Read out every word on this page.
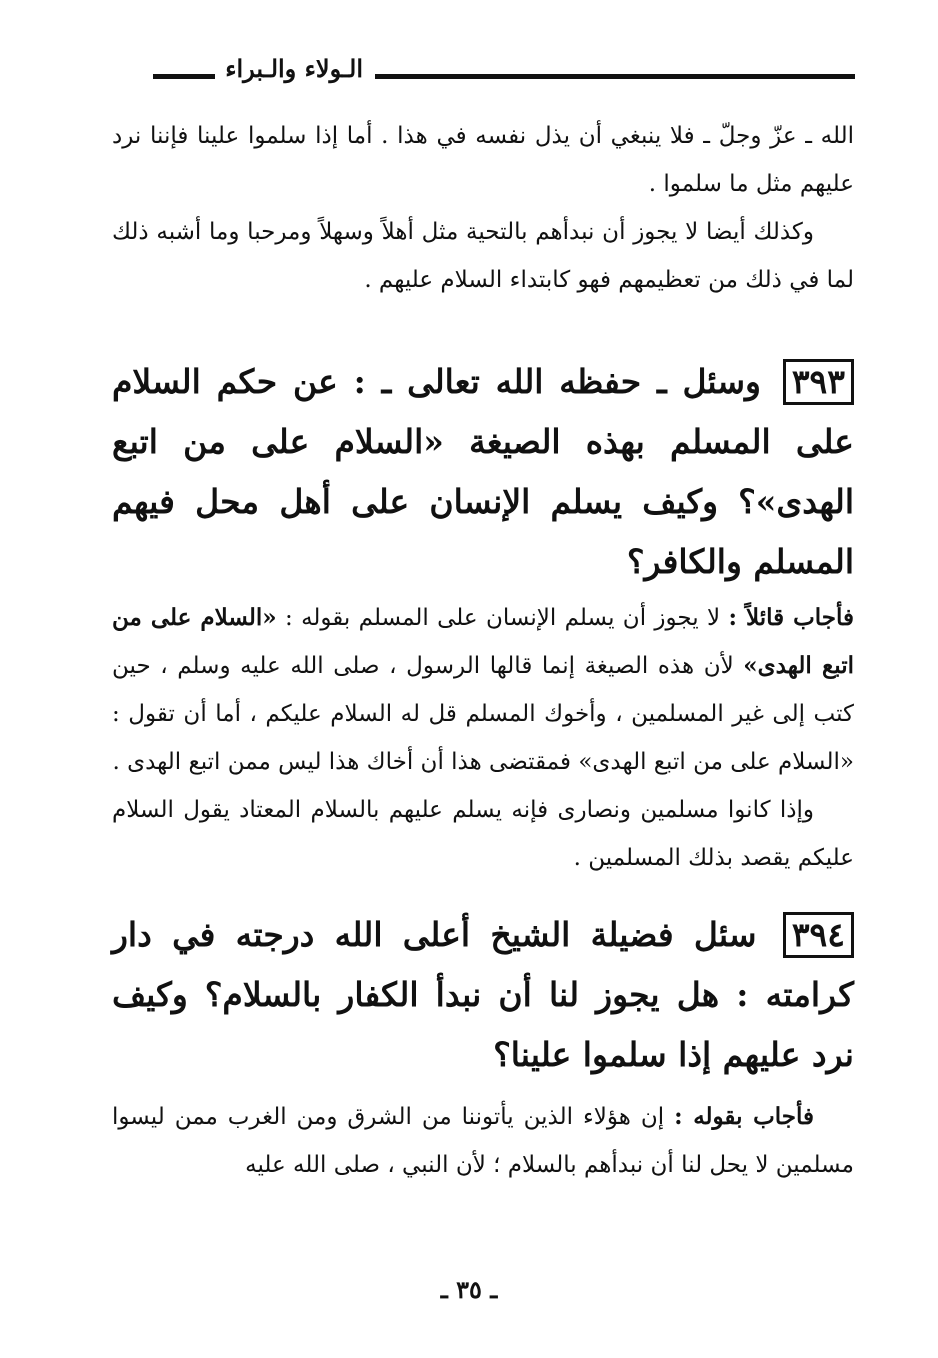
الـولاء والـبراء

الله ـ عزّ وجلّ ـ فلا ينبغي أن يذل نفسه في هذا . أما إذا سلموا علينا فإننا نرد عليهم مثل ما سلموا .

وكذلك أيضا لا يجوز أن نبدأهم بالتحية مثل أهلاً وسهلاً ومرحبا وما أشبه ذلك لما في ذلك من تعظيمهم فهو كابتداء السلام عليهم .

٣٩٣ وسئل ـ حفظه الله تعالى ـ : عن حكم السلام على المسلم بهذه الصيغة «السلام على من اتبع الهدى»؟ وكيف يسلم الإنسان على أهل محل فيهم المسلم والكافر؟

فأجاب قائلاً : لا يجوز أن يسلم الإنسان على المسلم بقوله : «السلام على من اتبع الهدى» لأن هذه الصيغة إنما قالها الرسول ، صلى الله عليه وسلم ، حين كتب إلى غير المسلمين ، وأخوك المسلم قل له السلام عليكم ، أما أن تقول : «السلام على من اتبع الهدى» فمقتضى هذا أن أخاك هذا ليس ممن اتبع الهدى .

وإذا كانوا مسلمين ونصارى فإنه يسلم عليهم بالسلام المعتاد يقول السلام عليكم يقصد بذلك المسلمين .

٣٩٤ سئل فضيلة الشيخ أعلى الله درجته في دار كرامته : هل يجوز لنا أن نبدأ الكفار بالسلام؟ وكيف نرد عليهم إذا سلموا علينا؟

فأجاب بقوله : إن هؤلاء الذين يأتوننا من الشرق ومن الغرب ممن ليسوا مسلمين لا يحل لنا أن نبدأهم بالسلام ؛ لأن النبي ، صلى الله عليه

ـ ٣٥ ـ
